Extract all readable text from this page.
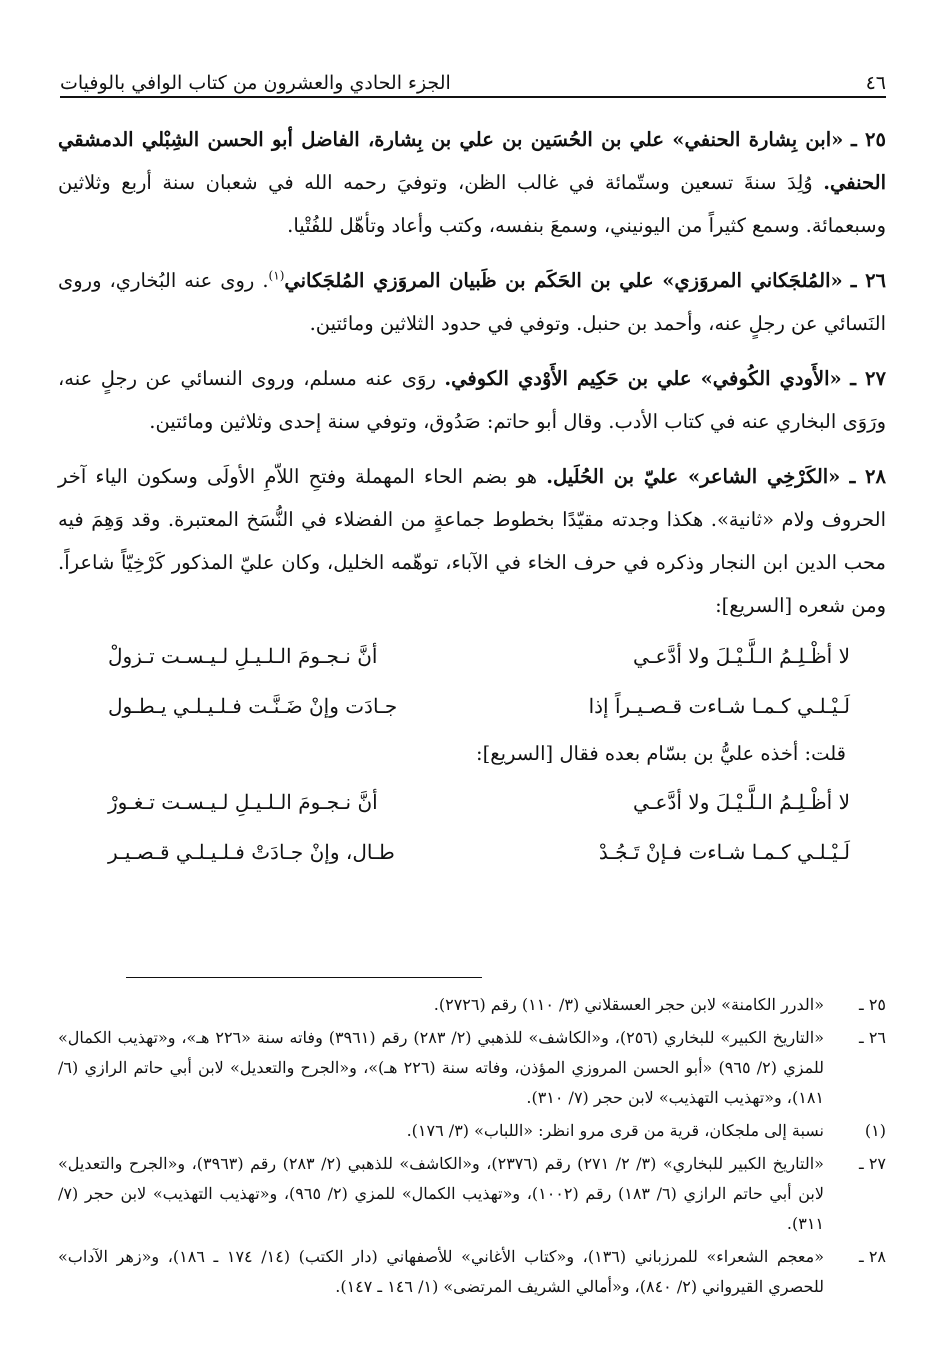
٤٦
الجزء الحادي والعشرون من كتاب الوافي بالوفيات

٢٥ ـ «ابن بِشارة الحنفي» علي بن الحُسَين بن علي بن بِشارة، الفاضل أبو الحسن الشِبْلي الدمشقي الحنفي. وُلِدَ سنةَ تسعين وستّمائة في غالب الظن، وتوفيَ رحمه الله في شعبان سنة أربع وثلاثين وسبعمائة. وسمع كثيراً من اليونيني، وسمعَ بنفسه، وكتب وأعاد وتأهّل للفُتْيا.

٢٦ ـ «المُلجَكاني المروَزي» علي بن الحَكَم بن ظَبيان المروَزي المُلجَكاني$^{(١)}$. روى عنه البُخاري، وروى النَسائي عن رجلٍ عنه، وأحمد بن حنبل. وتوفي في حدود الثلاثين ومائتين.

٢٧ ـ «الأَودي الكُوفي» علي بن حَكِيم الأَوْدي الكوفي. روَى عنه مسلم، وروى النسائي عن رجلٍ عنه، ورَوَى البخاري عنه في كتاب الأدب. وقال أبو حاتم: صَدُوق، وتوفي سنة إحدى وثلاثين ومائتين.

٢٨ ـ «الكَرْخِي الشاعر» عليّ بن الحُلَيل. هو بضم الحاء المهملة وفتحِ اللاّمِ الأولَى وسكون الياء آخر الحروف ولام «ثانية». هكذا وجدته مقيّدًا بخطوط جماعةٍ من الفضلاء في النُّسَخ المعتبرة. وقد وَهِمَ فيه محب الدين ابن النجار وذكره في حرف الخاء في الآباء، توهّمه الخليل، وكان عليّ المذكور كَرْخِيّاً شاعراً. ومن شعره [السريع]:

لا أظْـلِـمُ الـلَّـيْـلَ ولا أدَّعـي
أنَّ نـجـومَ الـلـيـلِ لـيـسـت تـزولْ
لَـيْـلـي كـمـا شـاءت قـصـيـراً إذا
جـادَت وإنْ ضَـنَّـت فـلـيـلـي يـطـول
قلت: أخذه عليُّ بن بسّام بعده فقال [السريع]:
لا أظْـلِـمُ الـلَّـيْـلَ ولا أدَّعـي
أنَّ نـجـومَ الـلـيـلِ لـيـسـت تـغـورْ
لَـيْـلـي كـمـا شـاءت فـإنْ تَـجُـدْ
طـال، وإنْ جـادَتْ فـلـيـلـي قـصـيـر
٢٥ ـ
«الدرر الكامنة» لابن حجر العسقلاني (٣/ ١١٠) رقم (٢٧٢٦).
٢٦ ـ
«التاريخ الكبير» للبخاري (٢٥٦)، و«الكاشف» للذهبي (٢/ ٢٨٣) رقم (٣٩٦١) وفاته سنة «٢٢٦ هـ»، و«تهذيب الكمال» للمزي (٢/ ٩٦٥) «أبو الحسن المروزي المؤذن، وفاته سنة (٢٢٦ هـ)»، و«الجرح والتعديل» لابن أبي حاتم الرازي (٦/ ١٨١)، و«تهذيب التهذيب» لابن حجر (٧/ ٣١٠).
(١)
نسبة إلى ملجكان، قرية من قرى مرو انظر: «اللباب» (٣/ ١٧٦).
٢٧ ـ
«التاريخ الكبير للبخاري» (٣/ ٢/ ٢٧١) رقم (٢٣٧٦)، و«الكاشف» للذهبي (٢/ ٢٨٣) رقم (٣٩٦٣)، و«الجرح والتعديل» لابن أبي حاتم الرازي (٦/ ١٨٣) رقم (١٠٠٢)، و«تهذيب الكمال» للمزي (٢/ ٩٦٥)، و«تهذيب التهذيب» لابن حجر (٧/ ٣١١).
٢٨ ـ
«معجم الشعراء» للمرزباني (١٣٦)، و«كتاب الأغاني» للأصفهاني (دار الكتب) (١٤/ ١٧٤ ـ ١٨٦)، و«زهر الآداب» للحصري القيرواني (٢/ ٨٤٠)، و«أمالي الشريف المرتضى» (١/ ١٤٦ ـ ١٤٧).
